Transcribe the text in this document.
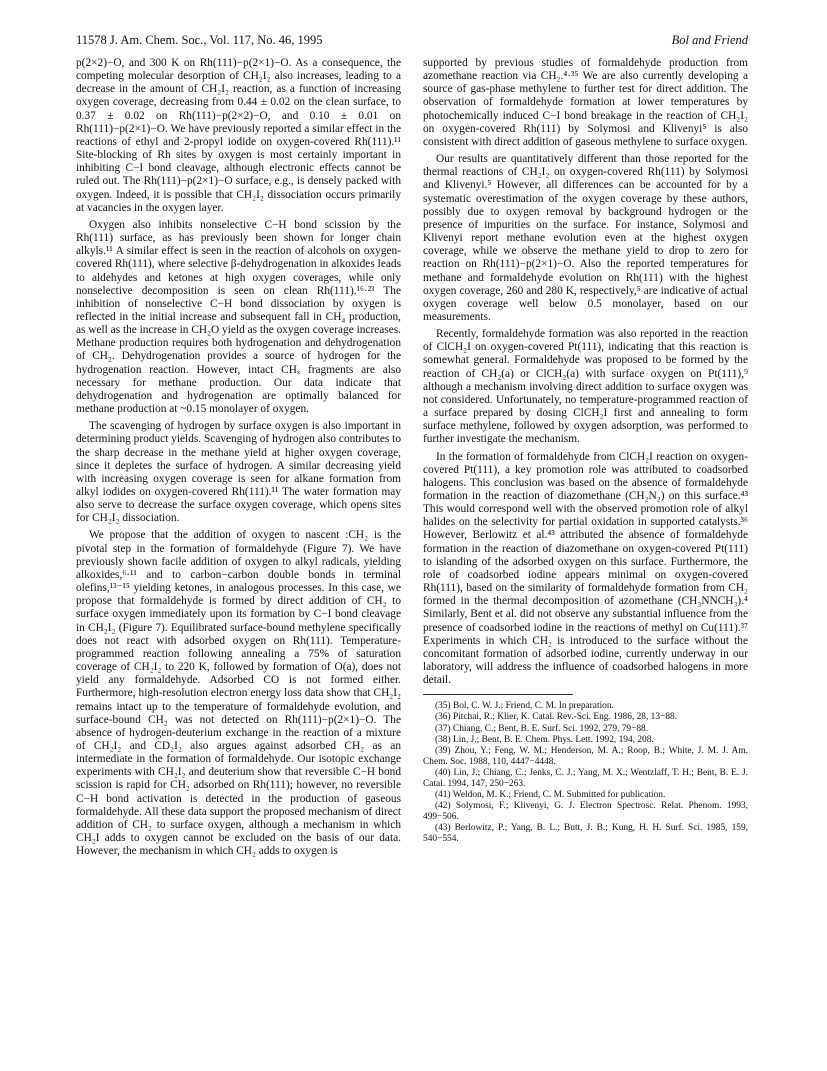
11578 J. Am. Chem. Soc., Vol. 117, No. 46, 1995	Bol and Friend

p(2×2)−O, and 300 K on Rh(111)−p(2×1)−O. As a consequence, the competing molecular desorption of CH₂I₂ also increases, leading to a decrease in the amount of CH₂I₂ reaction, as a function of increasing oxygen coverage, decreasing from 0.44 ± 0.02 on the clean surface, to 0.37 ± 0.02 on Rh(111)−p(2×2)−O, and 0.10 ± 0.01 on Rh(111)−p(2×1)−O. We have previously reported a similar effect in the reactions of ethyl and 2-propyl iodide on oxygen-covered Rh(111).¹¹ Site-blocking of Rh sites by oxygen is most certainly important in inhibiting C−I bond cleavage, although electronic effects cannot be ruled out. The Rh(111)−p(2×1)−O surface, e.g., is densely packed with oxygen. Indeed, it is possible that CH₂I₂ dissociation occurs primarily at vacancies in the oxygen layer.

Oxygen also inhibits nonselective C−H bond scission by the Rh(111) surface, as has previously been shown for longer chain alkyls.¹¹ A similar effect is seen in the reaction of alcohols on oxygen-covered Rh(111), where selective β-dehydrogenation in alkoxides leads to aldehydes and ketones at high oxygen coverages, while only nonselective decomposition is seen on clean Rh(111).¹⁶·²³ The inhibition of nonselective C−H bond dissociation by oxygen is reflected in the initial increase and subsequent fall in CH₄ production, as well as the increase in CH₂O yield as the oxygen coverage increases. Methane production requires both hydrogenation and dehydrogenation of CH₂. Dehydrogenation provides a source of hydrogen for the hydrogenation reaction. However, intact CHₓ fragments are also necessary for methane production. Our data indicate that dehydrogenation and hydrogenation are optimally balanced for methane production at ~0.15 monolayer of oxygen.

The scavenging of hydrogen by surface oxygen is also important in determining product yields. Scavenging of hydrogen also contributes to the sharp decrease in the methane yield at higher oxygen coverage, since it depletes the surface of hydrogen. A similar decreasing yield with increasing oxygen coverage is seen for alkane formation from alkyl iodides on oxygen-covered Rh(111).¹¹ The water formation may also serve to decrease the surface oxygen coverage, which opens sites for CH₂I₂ dissociation.

We propose that the addition of oxygen to nascent :CH₂ is the pivotal step in the formation of formaldehyde (Figure 7). We have previously shown facile addition of oxygen to alkyl radicals, yielding alkoxides,⁶·¹¹ and to carbon−carbon double bonds in terminal olefins,¹³⁻¹⁵ yielding ketones, in analogous processes. In this case, we propose that formaldehyde is formed by direct addition of CH₂ to surface oxygen immediately upon its formation by C−I bond cleavage in CH₂I₂ (Figure 7). Equilibrated surface-bound methylene specifically does not react with adsorbed oxygen on Rh(111). Temperature-programmed reaction following annealing a 75% of saturation coverage of CH₂I₂ to 220 K, followed by formation of O(a), does not yield any formaldehyde. Adsorbed CO is not formed either. Furthermore, high-resolution electron energy loss data show that CH₂I₂ remains intact up to the temperature of formaldehyde evolution, and surface-bound CH₂ was not detected on Rh(111)−p(2×1)−O. The absence of hydrogen-deuterium exchange in the reaction of a mixture of CH₂I₂ and CD₂I₂ also argues against adsorbed CH₂ as an intermediate in the formation of formaldehyde. Our isotopic exchange experiments with CH₂I₂ and deuterium show that reversible C−H bond scission is rapid for CH₂ adsorbed on Rh(111); however, no reversible C−H bond activation is detected in the production of gaseous formaldehyde. All these data support the proposed mechanism of direct addition of CH₂ to surface oxygen, although a mechanism in which CH₂I adds to oxygen cannot be excluded on the basis of our data. However, the mechanism in which CH₂ adds to oxygen is

supported by previous studies of formaldehyde production from azomethane reaction via CH₂.⁴·³⁵ We are also currently developing a source of gas-phase methylene to further test for direct addition. The observation of formaldehyde formation at lower temperatures by photochemically induced C−I bond breakage in the reaction of CH₂I₂ on oxygen-covered Rh(111) by Solymosi and Klivenyi⁵ is also consistent with direct addition of gaseous methylene to surface oxygen.

Our results are quantitatively different than those reported for the thermal reactions of CH₂I₂ on oxygen-covered Rh(111) by Solymosi and Klivenyi.⁵ However, all differences can be accounted for by a systematic overestimation of the oxygen coverage by these authors, possibly due to oxygen removal by background hydrogen or the presence of impurities on the surface. For instance, Solymosi and Klivenyi report methane evolution even at the highest oxygen coverage, while we observe the methane yield to drop to zero for reaction on Rh(111)−p(2×1)−O. Also the reported temperatures for methane and formaldehyde evolution on Rh(111) with the highest oxygen coverage, 260 and 280 K, respectively,⁵ are indicative of actual oxygen coverage well below 0.5 monolayer, based on our measurements.

Recently, formaldehyde formation was also reported in the reaction of ClCH₂I on oxygen-covered Pt(111), indicating that this reaction is somewhat general. Formaldehyde was proposed to be formed by the reaction of CH₂(a) or ClCH₂(a) with surface oxygen on Pt(111),⁹ although a mechanism involving direct addition to surface oxygen was not considered. Unfortunately, no temperature-programmed reaction of a surface prepared by dosing ClCH₂I first and annealing to form surface methylene, followed by oxygen adsorption, was performed to further investigate the mechanism.

In the formation of formaldehyde from ClCH₂I reaction on oxygen-covered Pt(111), a key promotion role was attributed to coadsorbed halogens. This conclusion was based on the absence of formaldehyde formation in the reaction of diazomethane (CH₂N₂) on this surface.⁴³ This would correspond well with the observed promotion role of alkyl halides on the selectivity for partial oxidation in supported catalysts.³⁶ However, Berlowitz et al.⁴³ attributed the absence of formaldehyde formation in the reaction of diazomethane on oxygen-covered Pt(111) to islanding of the adsorbed oxygen on this surface. Furthermore, the role of coadsorbed iodine appears minimal on oxygen-covered Rh(111), based on the similarity of formaldehyde formation from CH₂ formed in the thermal decomposition of azomethane (CH₃NNCH₃).⁴ Similarly, Bent et al. did not observe any substantial influence from the presence of coadsorbed iodine in the reactions of methyl on Cu(111).³⁷ Experiments in which CH₂ is introduced to the surface without the concomitant formation of adsorbed iodine, currently underway in our laboratory, will address the influence of coadsorbed halogens in more detail.

(35) Bol, C. W. J.; Friend, C. M. In preparation.
(36) Pitchai, R.; Klier, K. Catal. Rev.-Sci. Eng. 1986, 28, 13−88.
(37) Chiang, C.; Bent, B. E. Surf. Sci. 1992, 279, 79−88.
(38) Lin, J.; Bent, B. E. Chem. Phys. Lett. 1992, 194, 208.
(39) Zhou, Y.; Feng, W. M.; Henderson, M. A.; Roop, B.; White, J. M. J. Am. Chem. Soc. 1988, 110, 4447−4448.
(40) Lin, J.; Chiang, C.; Jenks, C. J.; Yang, M. X.; Wentzlaff, T. H.; Bent, B. E. J. Catal. 1994, 147, 250−263.
(41) Weldon, M. K.; Friend, C. M. Submitted for publication.
(42) Solymosi, F.; Klivenyi, G. J. Electron Spectrosc. Relat. Phenom. 1993, 499−506.
(43) Berlowitz, P.; Yang, B. L.; Butt, J. B.; Kung, H. H. Surf. Sci. 1985, 159, 540−554.
